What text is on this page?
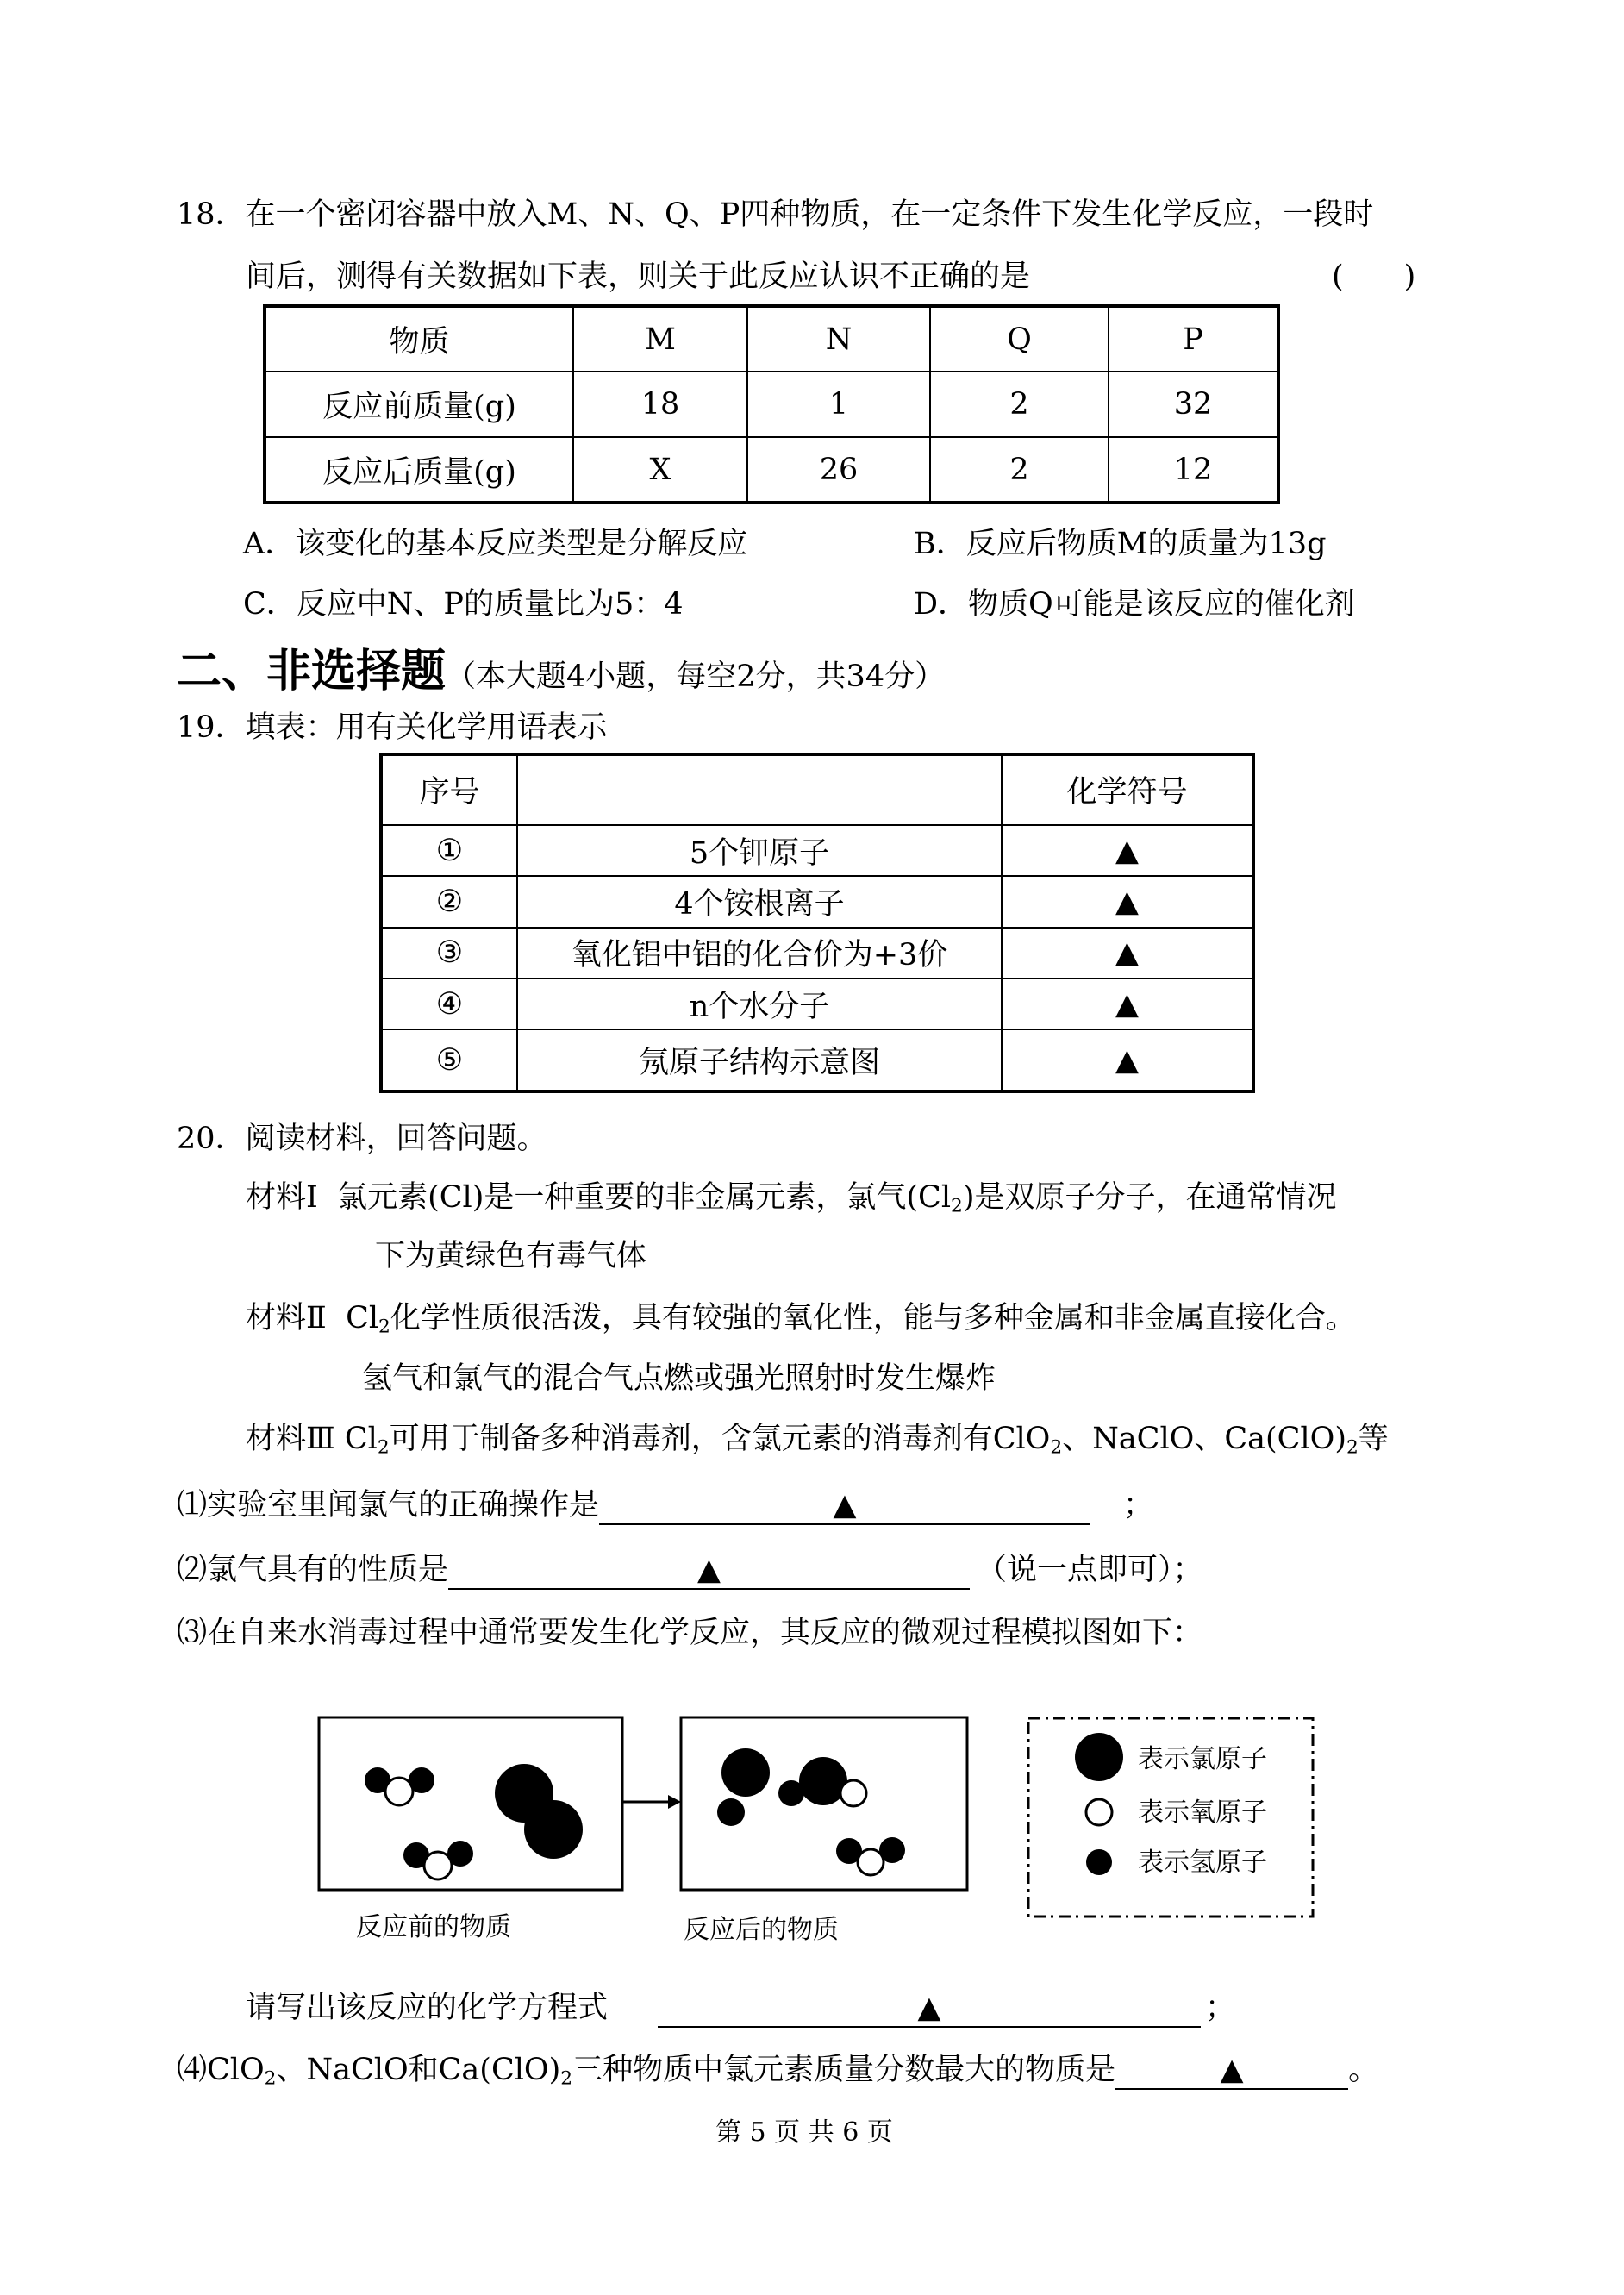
18．在一个密闭容器中放入M、N、Q、P四种物质，在一定条件下发生化学反应，一段时
间后，测得有关数据如下表，则关于此反应认识不正确的是	(　　)
物质	M	N	Q	P
反应前质量(g)	18	1	2	32
反应后质量(g)	X	26	2	12
A．该变化的基本反应类型是分解反应	B．反应后物质M的质量为13g
C．反应中N、P的质量比为5：4	D．物质Q可能是该反应的催化剂
二、非选择题（本大题4小题，每空2分，共34分）
19．填表：用有关化学用语表示
序号		化学符号
①	5个钾原子	▲
②	4个铵根离子	▲
③	氧化铝中铝的化合价为+3价	▲
④	n个水分子	▲
⑤	氖原子结构示意图	▲
20．阅读材料，回答问题。
材料Ⅰ 氯元素(Cl)是一种重要的非金属元素，氯气$(Cl_2)$是双原子分子，在通常情况
下为黄绿色有毒气体
材料Ⅱ $Cl_2$化学性质很活泼，具有较强的氧化性，能与多种金属和非金属直接化合。
氢气和氯气的混合气点燃或强光照射时发生爆炸
材料Ⅲ $Cl_2$可用于制备多种消毒剂，含氯元素的消毒剂有ClO$_2$、NaClO、$Ca(ClO)_2$等
⑴实验室里闻氯气的正确操作是	▲	；
⑵氯气具有的性质是	▲	（说一点即可）；
⑶在自来水消毒过程中通常要发生化学反应，其反应的微观过程模拟图如下：
表示氯原子
表示氧原子
表示氢原子
反应前的物质	反应后的物质
请写出该反应的化学方程式	▲	；
⑷ClO$_2$、NaClO和$Ca(ClO)_2$三种物质中氯元素质量分数最大的物质是	▲	。
第 5 页 共 6 页
